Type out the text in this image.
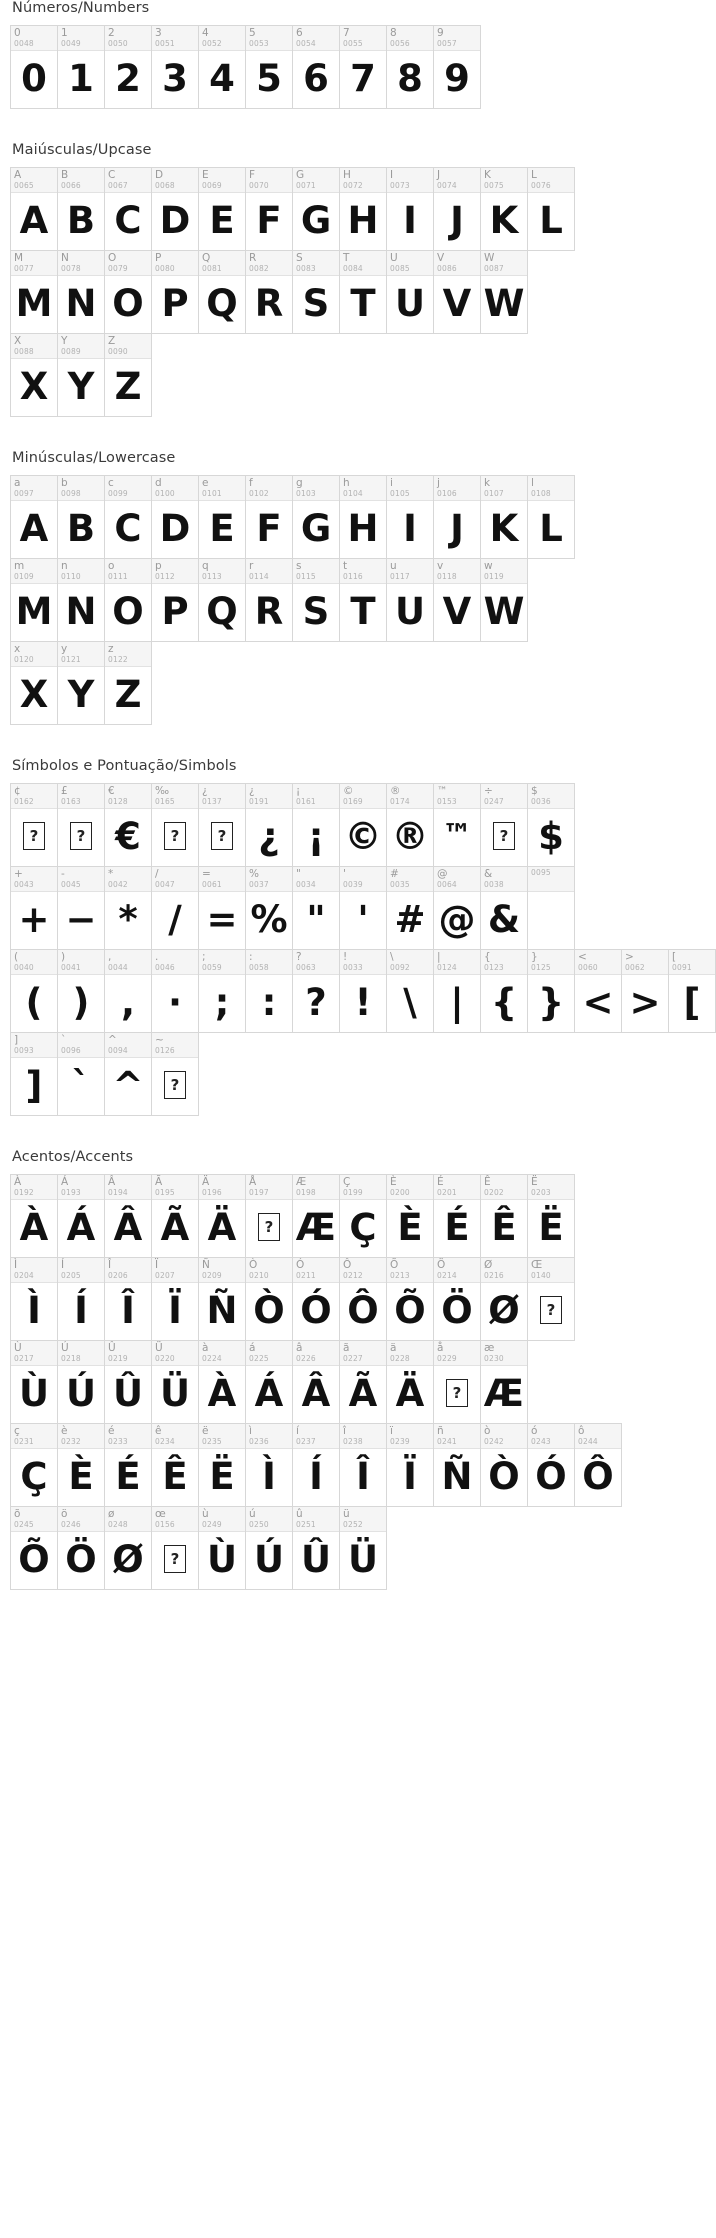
Números/Numbers
0
0048
0
1
0049
1
2
0050
2
3
0051
3
4
0052
4
5
0053
5
6
0054
6
7
0055
7
8
0056
8
9
0057
9
Maiúsculas/Upcase
A
0065
A
B
0066
B
C
0067
C
D
0068
D
E
0069
E
F
0070
F
G
0071
G
H
0072
H
I
0073
I
J
0074
J
K
0075
K
L
0076
L
M
0077
M
N
0078
N
O
0079
O
P
0080
P
Q
0081
Q
R
0082
R
S
0083
S
T
0084
T
U
0085
U
V
0086
V
W
0087
W
X
0088
X
Y
0089
Y
Z
0090
Z
Minúsculas/Lowercase
a
0097
A
b
0098
B
c
0099
C
d
0100
D
e
0101
E
f
0102
F
g
0103
G
h
0104
H
i
0105
I
j
0106
J
k
0107
K
l
0108
L
m
0109
M
n
0110
N
o
0111
O
p
0112
P
q
0113
Q
r
0114
R
s
0115
S
t
0116
T
u
0117
U
v
0118
V
w
0119
W
x
0120
X
y
0121
Y
z
0122
Z
Símbolos e Pontuação/Simbols
¢
0162
?
£
0163
?
€
0128
€
‰
0165
?
¿
0137
?
¿
0191
¿
¡
0161
¡
©
0169
©
®
0174
®
™
0153
™
÷
0247
?
$
0036
$
+
0043
+
-
0045
−
*
0042
*
/
0047
/
=
0061
=
%
0037
%
"
0034
"
'
0039
'
#
0035
#
@
0064
@
&
0038
&
0095
(
0040
(
)
0041
)
,
0044
,
.
0046
·
;
0059
;
:
0058
:
?
0063
?
!
0033
!
\
0092
\
|
0124
|
{
0123
{
}
0125
}
<
0060
<
>
0062
>
[
0091
[
]
0093
]
`
0096
`
^
0094
^
~
0126
?
Acentos/Accents
À
0192
À
Á
0193
Á
Â
0194
Â
Ã
0195
Ã
Ä
0196
Ä
Å
0197
?
Æ
0198
Æ
Ç
0199
Ç
È
0200
È
É
0201
É
Ê
0202
Ê
Ë
0203
Ë
Ì
0204
Ì
Í
0205
Í
Î
0206
Î
Ï
0207
Ï
Ñ
0209
Ñ
Ò
0210
Ò
Ó
0211
Ó
Ô
0212
Ô
Õ
0213
Õ
Ö
0214
Ö
Ø
0216
Ø
Œ
0140
?
Ù
0217
Ù
Ú
0218
Ú
Û
0219
Û
Ü
0220
Ü
à
0224
À
á
0225
Á
â
0226
Â
ã
0227
Ã
ä
0228
Ä
å
0229
?
æ
0230
Æ
ç
0231
Ç
è
0232
È
é
0233
É
ê
0234
Ê
ë
0235
Ë
ì
0236
Ì
í
0237
Í
î
0238
Î
ï
0239
Ï
ñ
0241
Ñ
ò
0242
Ò
ó
0243
Ó
ô
0244
Ô
õ
0245
Õ
ö
0246
Ö
ø
0248
Ø
œ
0156
?
ù
0249
Ù
ú
0250
Ú
û
0251
Û
ü
0252
Ü
